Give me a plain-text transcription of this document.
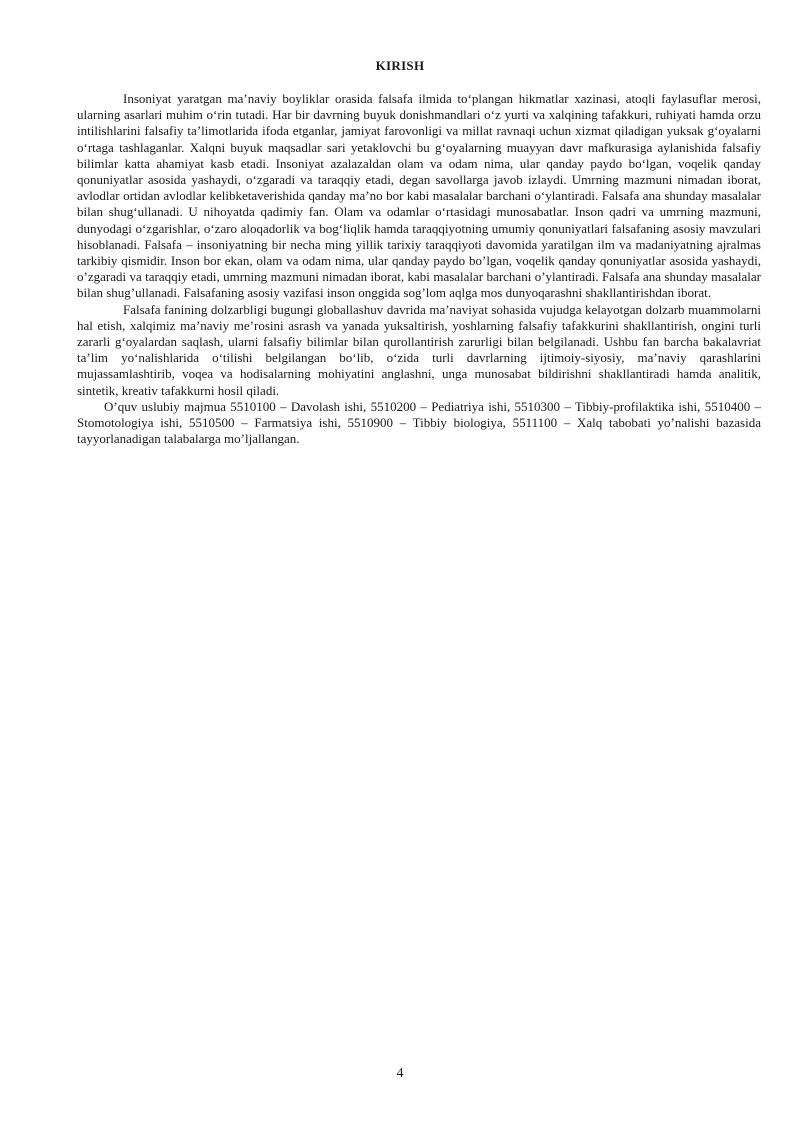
KIRISH

Insoniyat yaratgan ma’naviy boyliklar orasida falsafa ilmida to‘plangan hikmatlar xazinasi, atoqli faylasuflar merosi, ularning asarlari muhim o‘rin tutadi. Har bir davrning buyuk donishmandlari o‘z yurti va xalqining tafakkuri, ruhiyati hamda orzu intilishlarini falsafiy ta’limotlarida ifoda etganlar, jamiyat farovonligi va millat ravnaqi uchun xizmat qiladigan yuksak g‘oyalarni o‘rtaga tashlaganlar. Xalqni buyuk maqsadlar sari yetaklovchi bu g‘oyalarning muayyan davr mafkurasiga aylanishida falsafiy bilimlar katta ahamiyat kasb etadi. Insoniyat azalazaldan olam va odam nima, ular qanday paydo bo‘lgan, voqelik qanday qonuniyatlar asosida yashaydi, o‘zgaradi va taraqqiy etadi, degan savollarga javob izlaydi. Umrning mazmuni nimadan iborat, avlodlar ortidan avlodlar kelibketaverishida qanday ma’no bor kabi masalalar barchani o‘ylantiradi. Falsafa ana shunday masalalar bilan shug‘ullanadi. U nihoyatda qadimiy fan. Olam va odamlar o‘rtasidagi munosabatlar. Inson qadri va umrning mazmuni, dunyodagi o‘zgarishlar, o‘zaro aloqadorlik va bog‘liqlik hamda taraqqiyotning umumiy qonuniyatlari falsafaning asosiy mavzulari hisoblanadi. Falsafa – insoniyatning bir necha ming yillik tarixiy taraqqiyoti davomida yaratilgan ilm va madaniyatning ajralmas tarkibiy qismidir. Inson bor ekan, olam va odam nima, ular qanday paydo bo’lgan, voqelik qanday qonuniyatlar asosida yashaydi, o’zgaradi va taraqqiy etadi, umrning mazmuni nimadan iborat, kabi masalalar barchani o’ylantiradi. Falsafa ana shunday masalalar bilan shug’ullanadi. Falsafaning asosiy vazifasi inson onggida sog’lom aqlga mos dunyoqarashni shakllantirishdan iborat.

Falsafa fanining dolzarbligi bugungi globallashuv davrida ma’naviyat sohasida vujudga kelayotgan dolzarb muammolarni hal etish, xalqimiz ma’naviy me’rosini asrash va yanada yuksaltirish, yoshlarning falsafiy tafakkurini shakllantirish, ongini turli zararli g‘oyalardan saqlash, ularni falsafiy bilimlar bilan qurollantirish zarurligi bilan belgilanadi. Ushbu fan barcha bakalavriat ta’lim yo‘nalishlarida o‘tilishi belgilangan bo‘lib, o‘zida turli davrlarning ijtimoiy-siyosiy, ma’naviy qarashlarini mujassamlashtirib, voqea va hodisalarning mohiyatini anglashni, unga munosabat bildirishni shakllantiradi hamda analitik, sintetik, kreativ tafakkurni hosil qiladi.

O’quv uslubiy majmua 5510100 – Davolash ishi, 5510200 – Pediatriya ishi, 5510300 – Tibbiy-profilaktika ishi, 5510400 – Stomotologiya ishi, 5510500 – Farmatsiya ishi, 5510900 – Tibbiy biologiya, 5511100 – Xalq tabobati yo’nalishi bazasida tayyorlanadigan talabalarga mo’ljallangan.

4
